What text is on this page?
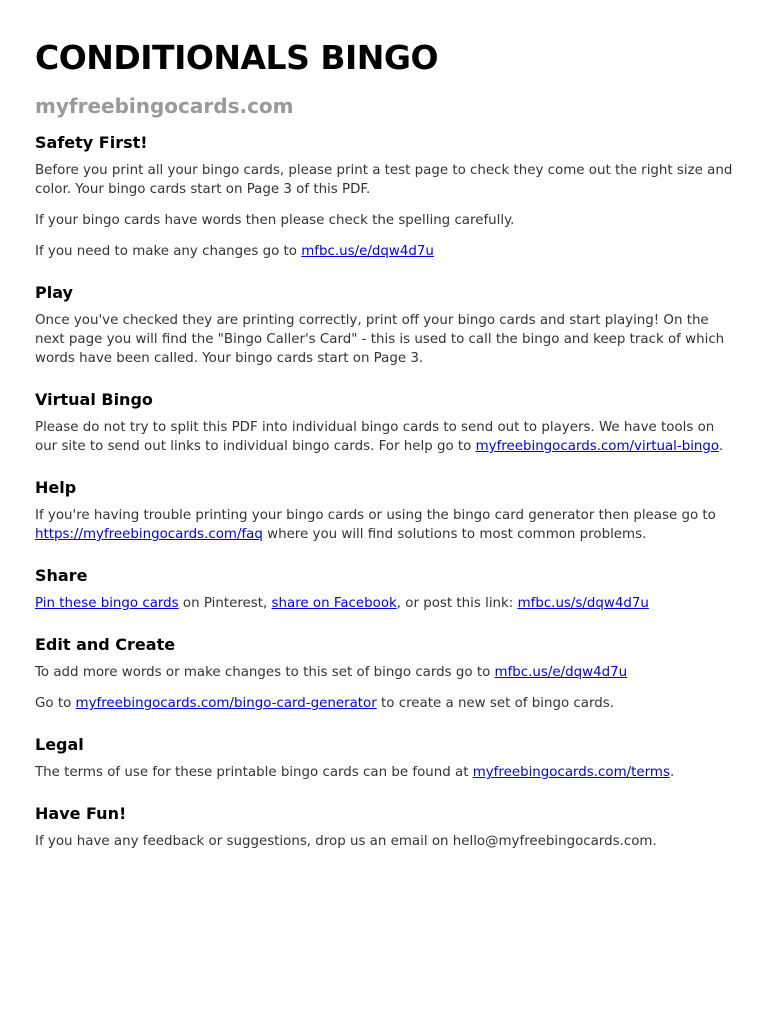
CONDITIONALS BINGO
myfreebingocards.com
Safety First!

Before you print all your bingo cards, please print a test page to check they come out the right size and color. Your bingo cards start on Page 3 of this PDF.

If your bingo cards have words then please check the spelling carefully.

If you need to make any changes go to mfbc.us/e/dqw4d7u

Play

Once you've checked they are printing correctly, print off your bingo cards and start playing! On the next page you will find the "Bingo Caller's Card" - this is used to call the bingo and keep track of which words have been called. Your bingo cards start on Page 3.

Virtual Bingo

Please do not try to split this PDF into individual bingo cards to send out to players. We have tools on our site to send out links to individual bingo cards. For help go to myfreebingocards.com/virtual-bingo.

Help

If you're having trouble printing your bingo cards or using the bingo card generator then please go to https://myfreebingocards.com/faq where you will find solutions to most common problems.

Share

Pin these bingo cards on Pinterest, share on Facebook, or post this link: mfbc.us/s/dqw4d7u

Edit and Create

To add more words or make changes to this set of bingo cards go to mfbc.us/e/dqw4d7u

Go to myfreebingocards.com/bingo-card-generator to create a new set of bingo cards.

Legal

The terms of use for these printable bingo cards can be found at myfreebingocards.com/terms.

Have Fun!

If you have any feedback or suggestions, drop us an email on hello@myfreebingocards.com.
